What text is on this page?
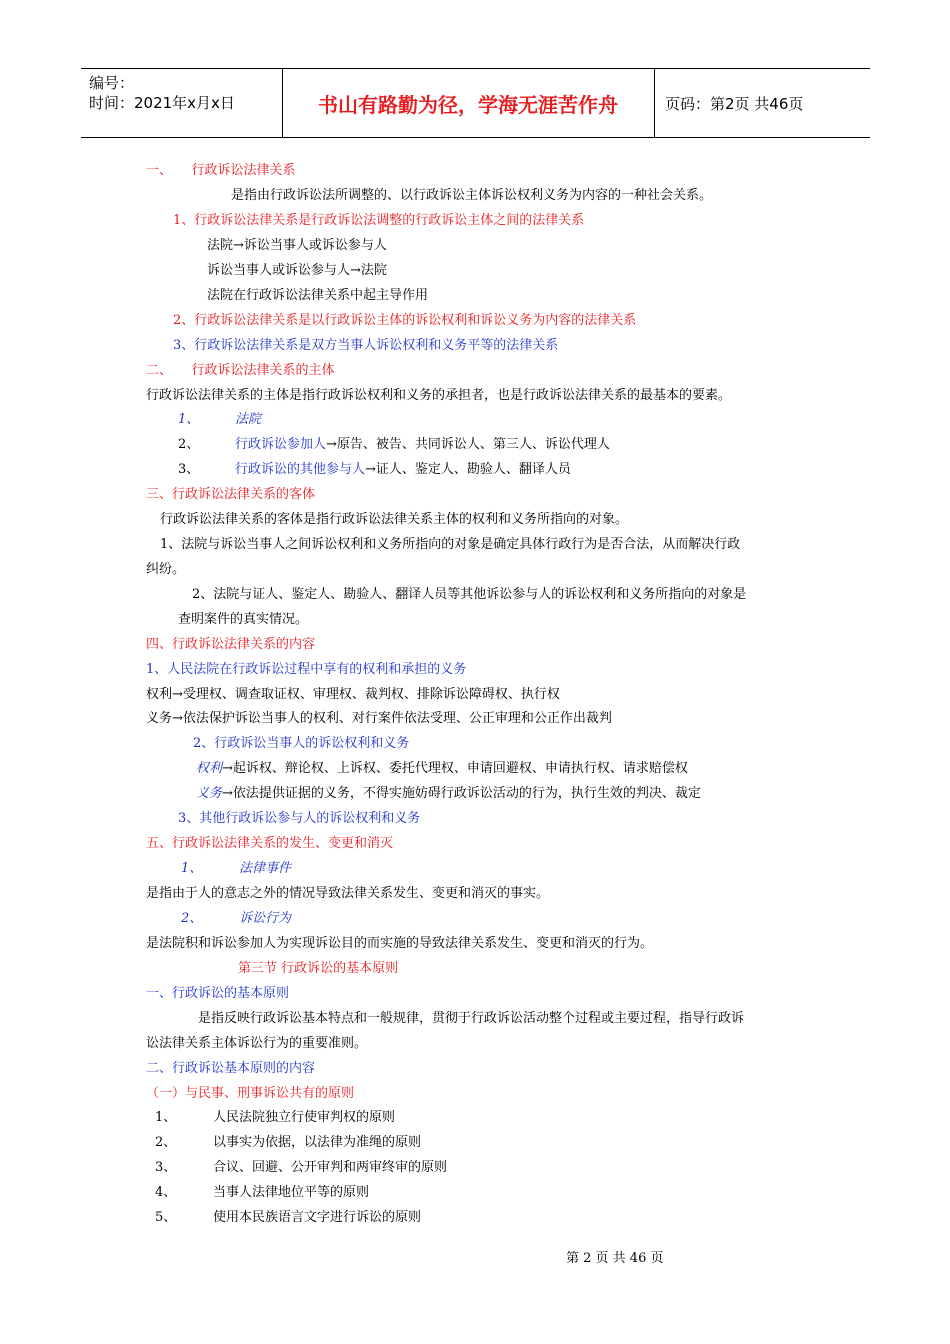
编号：
时间：2021年x月x日	书山有路勤为径，学海无涯苦作舟	页码：第2页 共46页
一、　　行政诉讼法律关系
是指由行政诉讼法所调整的、以行政诉讼主体诉讼权利义务为内容的一种社会关系。
1、行政诉讼法律关系是行政诉讼法调整的行政诉讼主体之间的法律关系
法院→诉讼当事人或诉讼参与人
诉讼当事人或诉讼参与人→法院
法院在行政诉讼法律关系中起主导作用
2、行政诉讼法律关系是以行政诉讼主体的诉讼权利和诉讼义务为内容的法律关系
3、行政诉讼法律关系是双方当事人诉讼权利和义务平等的法律关系
二、　　行政诉讼法律关系的主体
行政诉讼法律关系的主体是指行政诉讼权利和义务的承担者，也是行政诉讼法律关系的最基本的要素。
1、	法院
2、	行政诉讼参加人→原告、被告、共同诉讼人、第三人、诉讼代理人
3、	行政诉讼的其他参与人→证人、鉴定人、勘验人、翻译人员
三、行政诉讼法律关系的客体
行政诉讼法律关系的客体是指行政诉讼法律关系主体的权利和义务所指向的对象。
1、法院与诉讼当事人之间诉讼权利和义务所指向的对象是确定具体行政行为是否合法，从而解决行政
纠纷。
2、法院与证人、鉴定人、勘验人、翻译人员等其他诉讼参与人的诉讼权利和义务所指向的对象是
查明案件的真实情况。
四、行政诉讼法律关系的内容
1、人民法院在行政诉讼过程中享有的权利和承担的义务
权利→受理权、调查取证权、审理权、裁判权、排除诉讼障碍权、执行权
义务→依法保护诉讼当事人的权利、对行案件依法受理、公正审理和公正作出裁判
2、行政诉讼当事人的诉讼权利和义务
权利→起诉权、辩论权、上诉权、委托代理权、申请回避权、申请执行权、请求赔偿权
义务→依法提供证据的义务，不得实施妨碍行政诉讼活动的行为，执行生效的判决、裁定
3、其他行政诉讼参与人的诉讼权利和义务
五、行政诉讼法律关系的发生、变更和消灭
1、	法律事件
是指由于人的意志之外的情况导致法律关系发生、变更和消灭的事实。
2、	诉讼行为
是法院积和诉讼参加人为实现诉讼目的而实施的导致法律关系发生、变更和消灭的行为。
第三节 行政诉讼的基本原则
一、行政诉讼的基本原则
是指反映行政诉讼基本特点和一般规律，贯彻于行政诉讼活动整个过程或主要过程，指导行政诉
讼法律关系主体诉讼行为的重要准则。
二、行政诉讼基本原则的内容
（一）与民事、刑事诉讼共有的原则
1、	人民法院独立行使审判权的原则
2、	以事实为依据，以法律为准绳的原则
3、	合议、回避、公开审判和两审终审的原则
4、	当事人法律地位平等的原则
5、	使用本民族语言文字进行诉讼的原则
第 2 页 共 46 页
